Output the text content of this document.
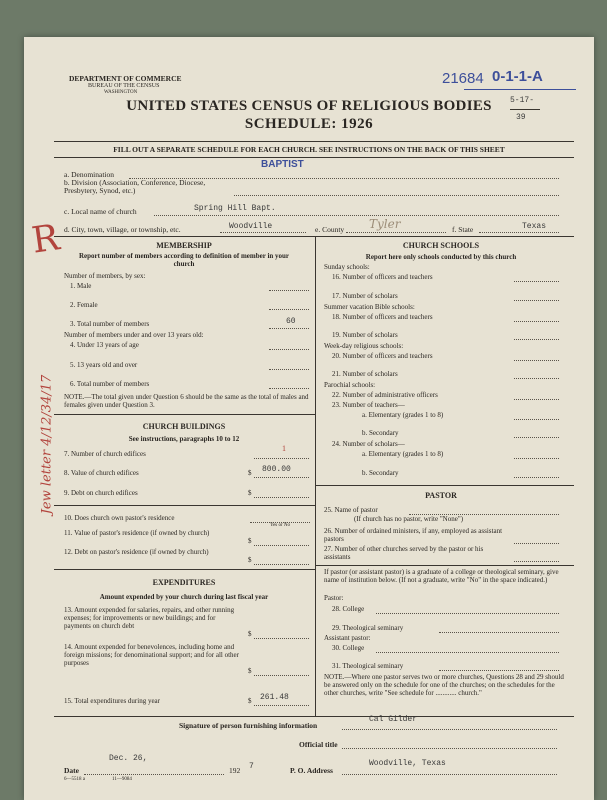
DEPARTMENT OF COMMERCE
BUREAU OF THE CENSUS
WASHINGTON
21684 0-1-1-A
UNITED STATES CENSUS OF RELIGIOUS BODIES
SCHEDULE: 1926
5-17-
39
FILL OUT A SEPARATE SCHEDULE FOR EACH CHURCH. SEE INSTRUCTIONS ON THE BACK OF THIS SHEET
BAPTIST
a. Denomination
b. Division (Association, Conference, Diocese, Presbytery, Synod, etc.)
c. Local name of church	Spring Hill Bapt.
d. City, town, village, or township, etc.	Woodville	e. County Tyler	f. State	Texas
MEMBERSHIP
Report number of members according to definition of member in your church
Number of members, by sex:
1. Male
2. Female
3. Total number of members	60
Number of members under and over 13 years old:
4. Under 13 years of age
5. 13 years old and over
6. Total number of members
NOTE.—The total given under Question 6 should be the same as the total of males and females given under Question 3.
CHURCH BUILDINGS
See instructions, paragraphs 10 to 12
7. Number of church edifices
1
8. Value of church edifices	$ 800.00
9. Debt on church edifices	$
10. Does church own pastor's residence
Yes or No
11. Value of pastor's residence (if owned by church)
$
12. Debt on pastor's residence (if owned by church)
$
EXPENDITURES
Amount expended by your church during last fiscal year
13. Amount expended for salaries, repairs, and other running expenses; for improvements or new buildings; and for payments on church debt
$
14. Amount expended for benevolences, including home and foreign missions; for denominational support; and for all other purposes
$
15. Total expenditures during year	$ 261.48
CHURCH SCHOOLS
Report here only schools conducted by this church
Sunday schools:
16. Number of officers and teachers
17. Number of scholars
Summer vacation Bible schools:
18. Number of officers and teachers
19. Number of scholars
Week-day religious schools:
20. Number of officers and teachers
21. Number of scholars
Parochial schools:
22. Number of administrative officers
23. Number of teachers—
a. Elementary (grades 1 to 8)
b. Secondary
24. Number of scholars—
a. Elementary (grades 1 to 8)
b. Secondary
PASTOR
25. Name of pastor
(If church has no pastor, write "None")
26. Number of ordained ministers, if any, employed as assistant pastors
27. Number of other churches served by the pastor or his assistants
If pastor (or assistant pastor) is a graduate of a college or theological seminary, give name of institution below. (If not a graduate, write "No" in the space indicated.)
Pastor:
28. College
29. Theological seminary
Assistant pastor:
30. College
31. Theological seminary
NOTE.—Where one pastor serves two or more churches, Questions 28 and 29 should be answered only on the schedule for one of the churches; on the schedules for the other churches, write "See schedule for ............ church."
Signature of person furnishing information
Cal Gilder
Official title
Dec. 26,
Date	192 7	P. O. Address
Woodville, Texas
6—5518 a	11—9084
R
Jew letter 4/12/34/17
